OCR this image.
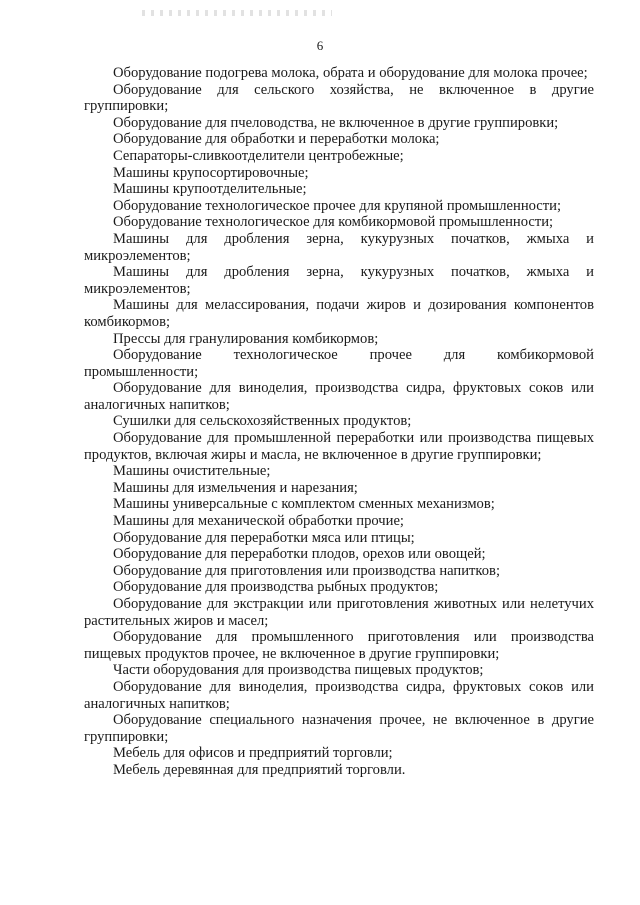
6

Оборудование подогрева молока, обрата и оборудование для молока прочее;

Оборудование для сельского хозяйства, не включенное в другие группировки;

Оборудование для пчеловодства, не включенное в другие группировки;

Оборудование для обработки и переработки молока;

Сепараторы-сливкоотделители центробежные;

Машины крупосортировочные;

Машины крупоотделительные;

Оборудование технологическое прочее для крупяной промышленности;

Оборудование технологическое для комбикормовой промышленности;

Машины для дробления зерна, кукурузных початков, жмыха и микроэлементов;

Машины для дробления зерна, кукурузных початков, жмыха и микроэлементов;

Машины для мелассирования, подачи жиров и дозирования компонентов комбикормов;

Прессы для гранулирования комбикормов;

Оборудование технологическое прочее для комбикормовой промышленности;

Оборудование для виноделия, производства сидра, фруктовых соков или аналогичных напитков;

Сушилки для сельскохозяйственных продуктов;

Оборудование для промышленной переработки или производства пищевых продуктов, включая жиры и масла, не включенное в другие группировки;

Машины очистительные;

Машины для измельчения и нарезания;

Машины универсальные с комплектом сменных механизмов;

Машины для механической обработки прочие;

Оборудование для переработки мяса или птицы;

Оборудование для переработки плодов, орехов или овощей;

Оборудование для приготовления или производства напитков;

Оборудование для производства рыбных продуктов;

Оборудование для экстракции или приготовления животных или нелетучих растительных жиров и масел;

Оборудование для промышленного приготовления или производства пищевых продуктов прочее, не включенное в другие группировки;

Части оборудования для производства пищевых продуктов;

Оборудование для виноделия, производства сидра, фруктовых соков или аналогичных напитков;

Оборудование специального назначения прочее, не включенное в другие группировки;

Мебель для офисов и предприятий торговли;

Мебель деревянная для предприятий торговли.
